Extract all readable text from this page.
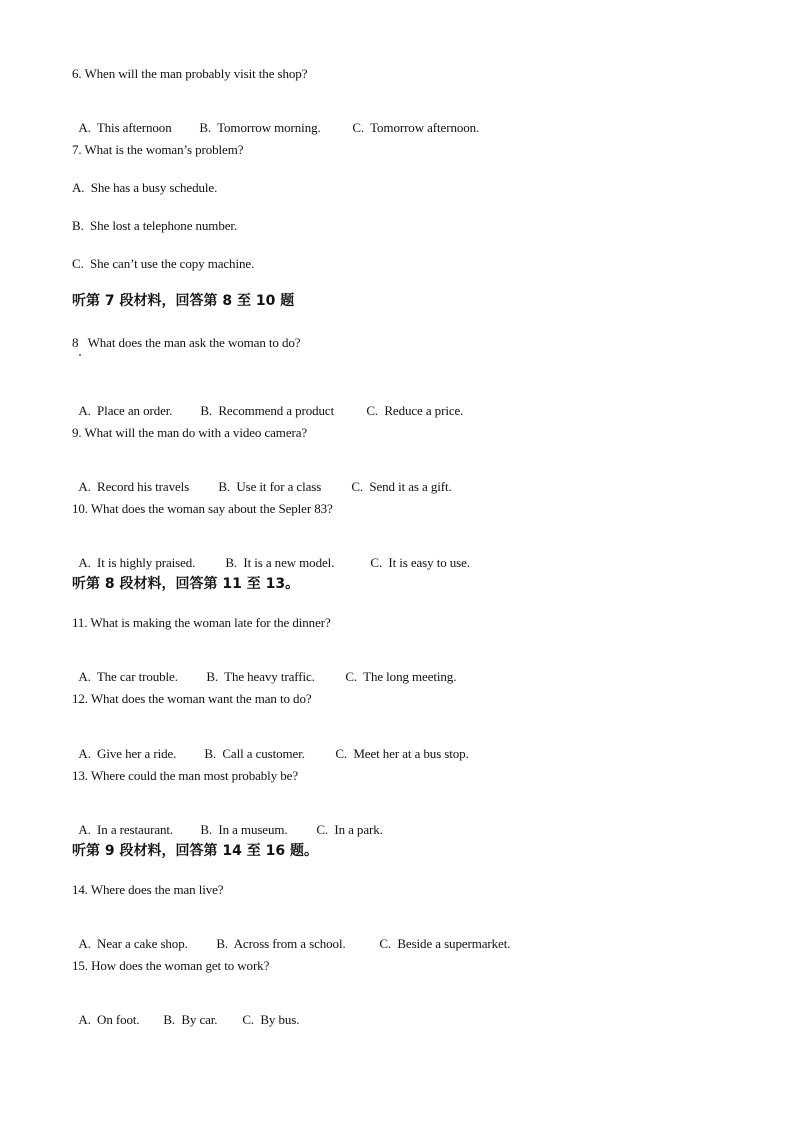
6. When will the man probably visit the shop?

A.  This afternoon B.  Tomorrow morning. C.  Tomorrow afternoon.

7. What is the woman’s problem?
A.  She has a busy schedule.
B.  She lost a telephone number.
C.  She can’t use the copy machine.
听第 7 段材料，回答第 8 至 10 题
8   What does the man ask the woman to do?

A.  Place an order. B.  Recommend a product C.  Reduce a price.

9. What will the man do with a video camera?

A.  Record his travels B.  Use it for a class C.  Send it as a gift.

10. What does the woman say about the Sepler 83?

A.  It is highly praised. B.  It is a new model.	C.  It is easy to use.

听第 8 段材料，回答第 11 至 13。
11. What is making the woman late for the dinner?

A.  The car trouble. B.  The heavy traffic. C.  The long meeting.

12. What does the woman want the man to do?

A.  Give her a ride. B.  Call a customer. C.  Meet her at a bus stop.

13. Where could the man most probably be?

A.  In a restaurant. B.  In a museum. C.  In a park.

听第 9 段材料，回答第 14 至 16 题。
14. Where does the man live?

A.  Near a cake shop. B.  Across from a school.	C.  Beside a supermarket.

15. How does the woman get to work?

A.  On foot. B.  By car. C.  By bus.
